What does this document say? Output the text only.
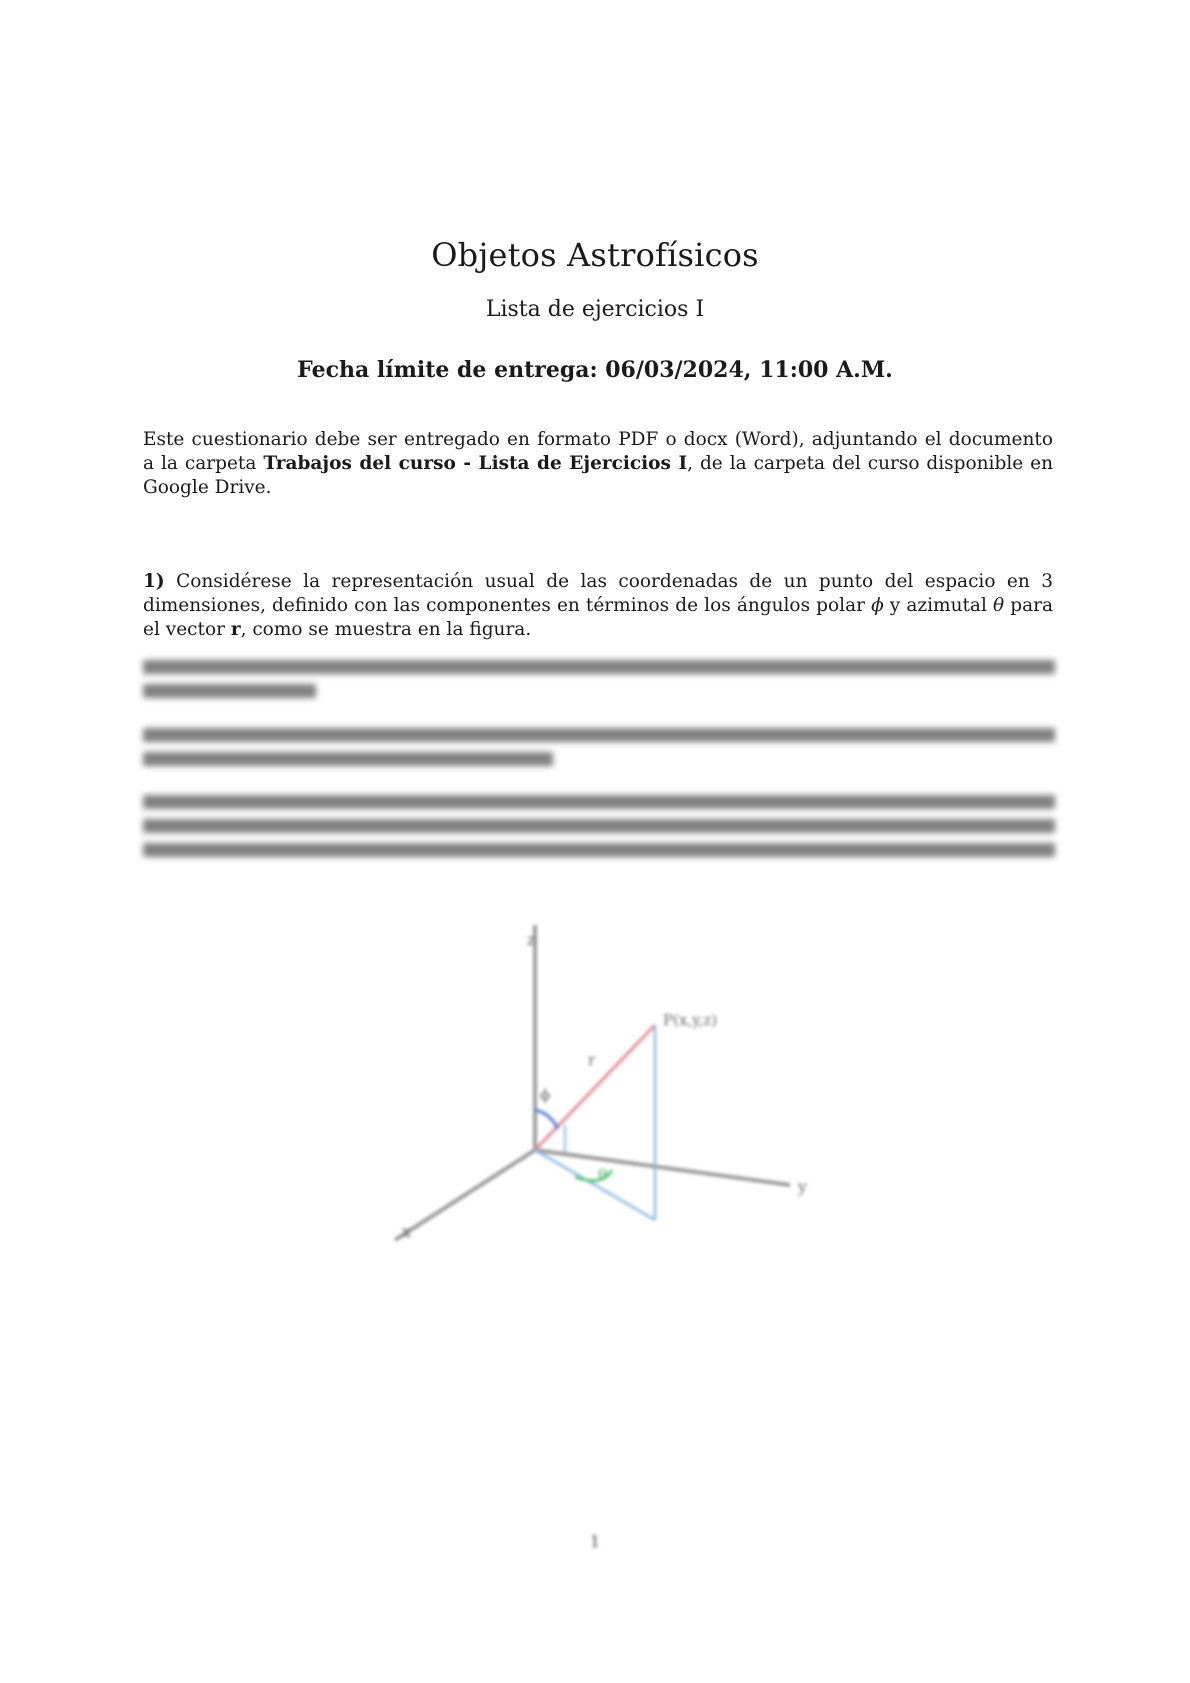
Objetos Astrofísicos
Lista de ejercicios I
Fecha límite de entrega: 06/03/2024, 11:00 A.M.

Este cuestionario debe ser entregado en formato PDF o docx (Word), adjuntando el documento a la carpeta Trabajos del curso - Lista de Ejercicios I, de la carpeta del curso disponible en Google Drive.

1) Considérese la representación usual de las coordenadas de un punto del espacio en 3 dimensiones, definido con las componentes en términos de los ángulos polar ϕ y azimutal θ para el vector r, como se muestra en la figura.

z
y
x
P(x,y,z)
r
ϕ
θ
1
